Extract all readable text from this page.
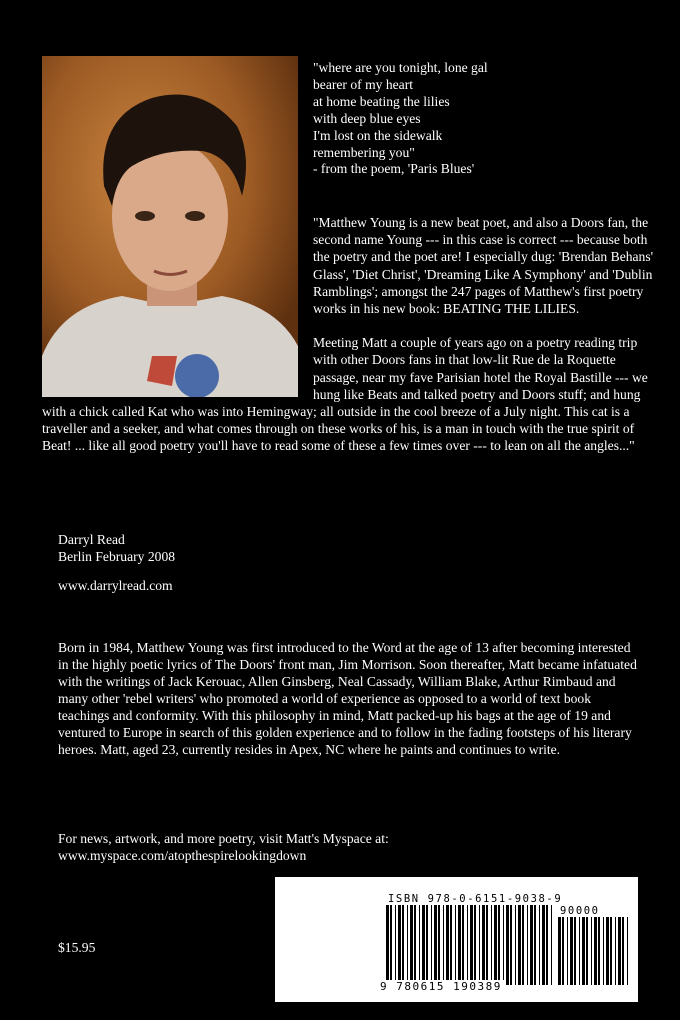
"where are you tonight, lone gal
bearer of my heart
at home beating the lilies
with deep blue eyes
I'm lost on the sidewalk
remembering you"
- from the poem, 'Paris Blues'

"Matthew Young is a new beat poet, and also a Doors fan, the second name Young --- in this case is correct --- because both the poetry and the poet are! I especially dug: 'Brendan Behans' Glass', 'Diet Christ', 'Dreaming Like A Symphony' and 'Dublin Ramblings'; amongst the 247 pages of Matthew's first poetry works in his new book: BEATING THE LILIES.

Meeting Matt a couple of years ago on a poetry reading trip with other Doors fans in that low-lit Rue de la Roquette passage, near my fave Parisian hotel the Royal Bastille --- we hung like Beats and talked poetry and Doors stuff; and hung with a chick called Kat who was into Hemingway; all outside in the cool breeze of a July night. This cat is a traveller and a seeker, and what comes through on these works of his, is a man in touch with the true spirit of Beat! ... like all good poetry you'll have to read some of these a few times over --- to lean on all the angles..."

Darryl Read
Berlin February 2008
www.darrylread.com
Born in 1984, Matthew Young was first introduced to the Word at the age of 13 after becoming interested in the highly poetic lyrics of The Doors' front man, Jim Morrison. Soon thereafter, Matt became infatuated with the writings of Jack Kerouac, Allen Ginsberg, Neal Cassady, William Blake, Arthur Rimbaud and many other 'rebel writers' who promoted a world of experience as opposed to a world of text book teachings and conformity. With this philosophy in mind, Matt packed-up his bags at the age of 19 and ventured to Europe in search of this golden experience and to follow in the fading footsteps of his literary heroes. Matt, aged 23, currently resides in Apex, NC where he paints and continues to write.
For news, artwork, and more poetry, visit Matt's Myspace at:
www.myspace.com/atopthespirelookingdown
$15.95
ISBN 978-0-6151-9038-9
9 780615 190389
90000
